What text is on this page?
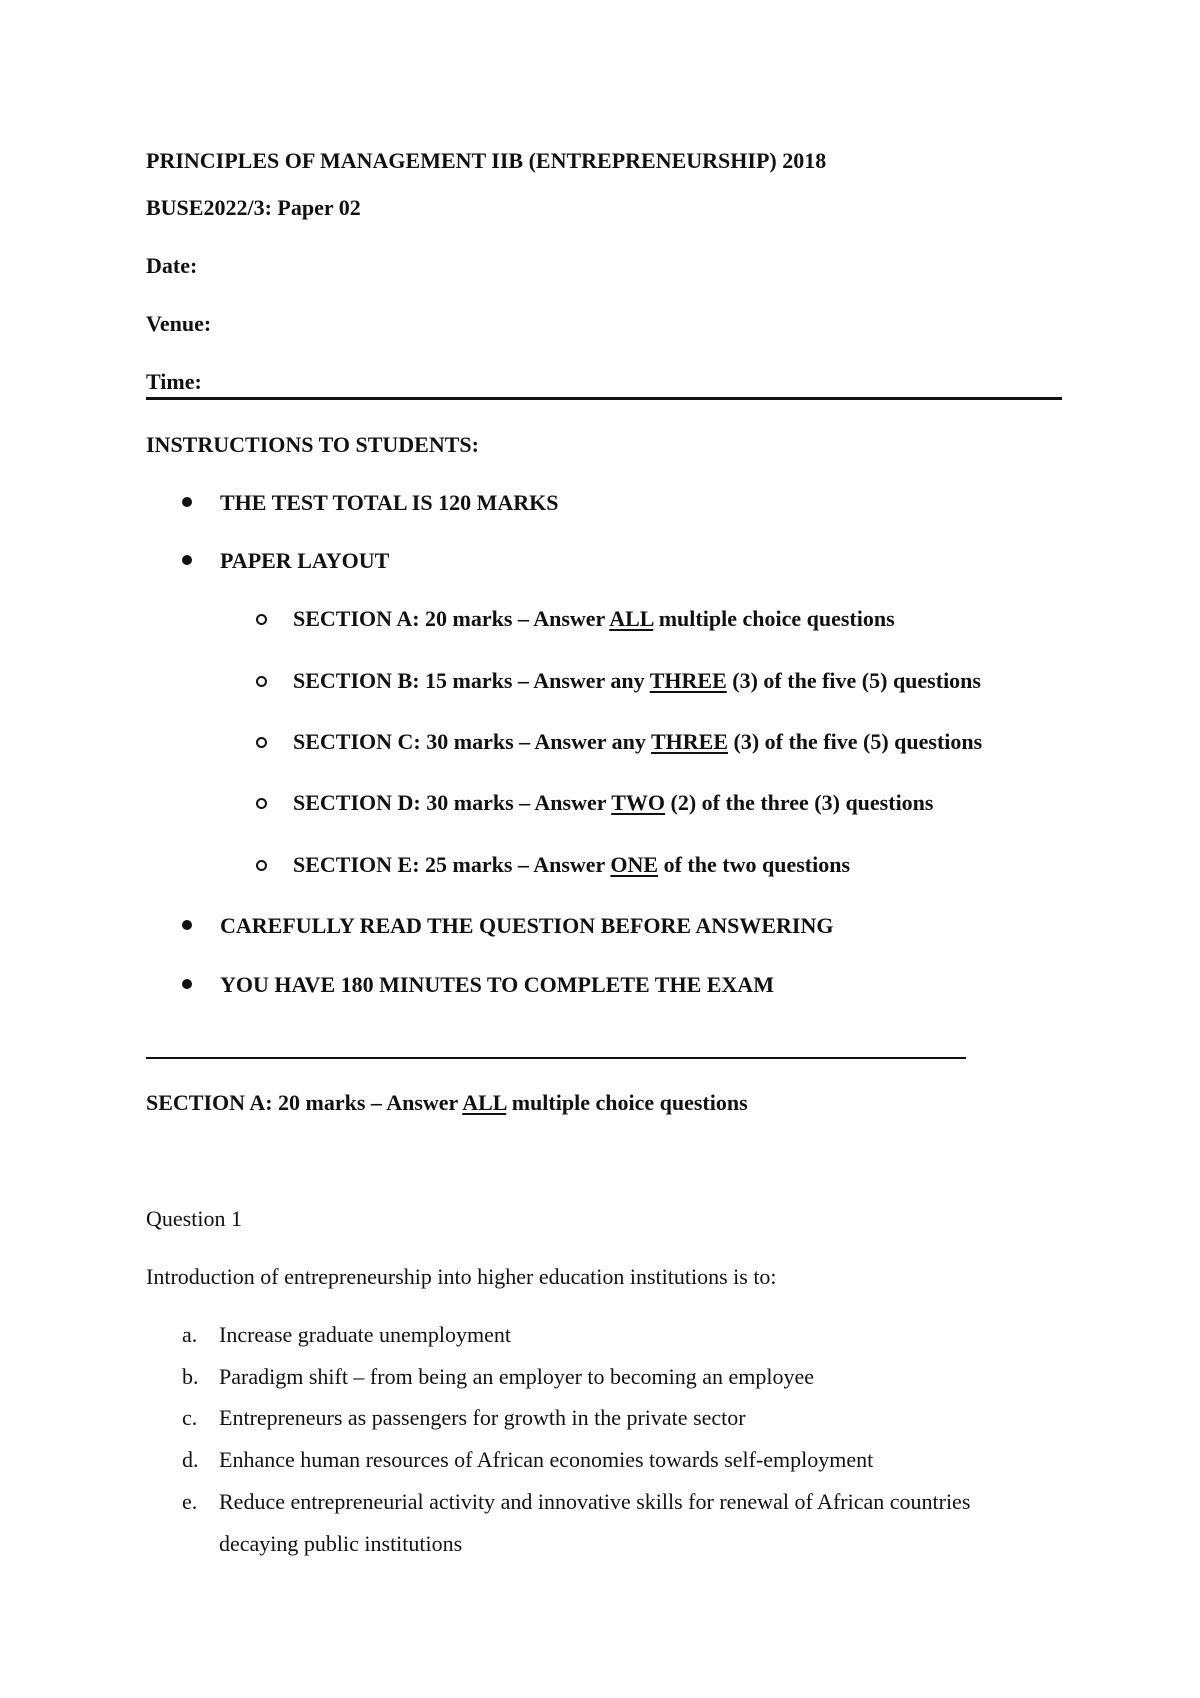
PRINCIPLES OF MANAGEMENT IIB (ENTREPRENEURSHIP) 2018

BUSE2022/3: Paper 02

Date:

Venue:

Time:

INSTRUCTIONS TO STUDENTS:

THE TEST TOTAL IS 120 MARKS

PAPER LAYOUT

SECTION A: 20 marks – Answer ALL multiple choice questions

SECTION B: 15 marks – Answer any THREE (3) of the five (5) questions

SECTION C: 30 marks – Answer any THREE (3) of the five (5) questions

SECTION D: 30 marks – Answer TWO (2) of the three (3) questions

SECTION E: 25 marks – Answer ONE of the two questions

CAREFULLY READ THE QUESTION BEFORE ANSWERING

YOU HAVE 180 MINUTES TO COMPLETE THE EXAM

SECTION A: 20 marks – Answer ALL multiple choice questions

Question 1

Introduction of entrepreneurship into higher education institutions is to:

a. Increase graduate unemployment

b. Paradigm shift – from being an employer to becoming an employee

c. Entrepreneurs as passengers for growth in the private sector

d. Enhance human resources of African economies towards self-employment

e. Reduce entrepreneurial activity and innovative skills for renewal of African countries

decaying public institutions
